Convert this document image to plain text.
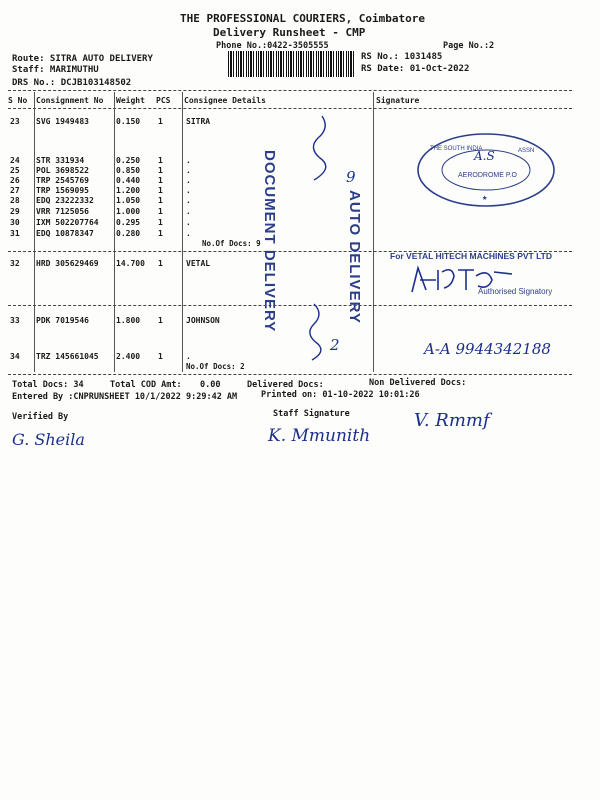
THE PROFESSIONAL COURIERS, Coimbatore
Delivery Runsheet - CMP
Phone No.:0422-3505555	Page No.:2
Route: SITRA AUTO DELIVERY
Staff: MARIMUTHU
DRS No.: DCJB103148502
RS No.: 1031485
RS Date: 01-Oct-2022
S No Consignment No Weight PCS Consignee Details	Signature
23 SVG 1949483	0.150 1	SITRA
24 STR 331934	0.250 1	.
25 POL 3698522	0.850 1	.
26 TRP 2545769	0.440 1	.
27 TRP 1569095	1.200 1	.
28 EDQ 23222332	1.050 1	.
29 VRR 7125056	1.000 1	.
30 IXM 502207764 0.295 1	.
31 EDQ 10878347	0.280 1	.
No.Of Docs: 9
32 HRD 305629469 14.700 1	VETAL
33 PDK 7019546	1.800 1	JOHNSON
34 TRZ 145661045 2.400 1	.
No.Of Docs: 2
Total Docs: 34	Total COD Amt: 0.00	Delivered Docs:	Non Delivered Docs:
Entered By :CNPRUNSHEET 10/1/2022 9:29:42 AM	Printed on: 01-10-2022 10:01:26
Verified By	Staff Signature
DOCUMENT DELIVERY	AUTO DELIVERY
THE SOUTH INDIA	ASSN
AERODROME P.O
A.S
★
For VETAL HITECH MACHINES PVT LTD
Authorised Signatory
9
2	A-A 9944342188
G. Sheila	K. Mmunith
V. Rmmf
